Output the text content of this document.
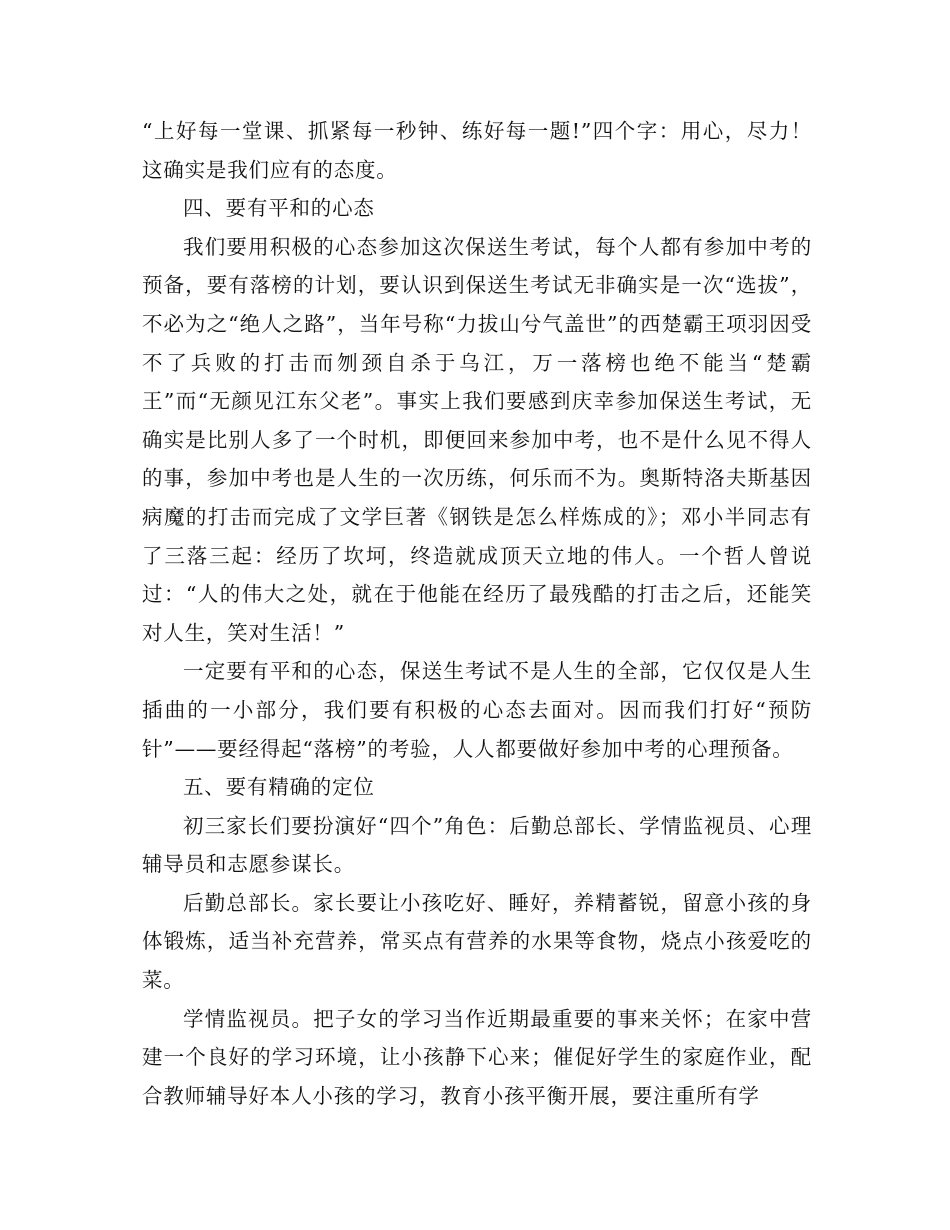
“上好每一堂课、抓紧每一秒钟、练好每一题!”四个字：用心，尽力！这确实是我们应有的态度。

四、要有平和的心态

我们要用积极的心态参加这次保送生考试，每个人都有参加中考的预备，要有落榜的计划，要认识到保送生考试无非确实是一次“选拔”，不必为之“绝人之路”，当年号称“力拔山兮气盖世”的西楚霸王项羽因受不了兵败的打击而刎颈自杀于乌江，万一落榜也绝不能当“楚霸王”而“无颜见江东父老”。事实上我们要感到庆幸参加保送生考试，无确实是比别人多了一个时机，即便回来参加中考，也不是什么见不得人的事，参加中考也是人生的一次历练，何乐而不为。奥斯特洛夫斯基因病魔的打击而完成了文学巨著《钢铁是怎么样炼成的》；邓小半同志有了三落三起：经历了坎坷，终造就成顶天立地的伟人。一个哲人曾说过：“人的伟大之处，就在于他能在经历了最残酷的打击之后，还能笑对人生，笑对生活！”

一定要有平和的心态，保送生考试不是人生的全部，它仅仅是人生插曲的一小部分，我们要有积极的心态去面对。因而我们打好“预防针”——要经得起“落榜”的考验，人人都要做好参加中考的心理预备。

五、要有精确的定位

初三家长们要扮演好“四个”角色：后勤总部长、学情监视员、心理辅导员和志愿参谋长。

后勤总部长。家长要让小孩吃好、睡好，养精蓄锐，留意小孩的身体锻炼，适当补充营养，常买点有营养的水果等食物，烧点小孩爱吃的菜。

学情监视员。把子女的学习当作近期最重要的事来关怀；在家中营建一个良好的学习环境，让小孩静下心来；催促好学生的家庭作业，配合教师辅导好本人小孩的学习，教育小孩平衡开展，要注重所有学
